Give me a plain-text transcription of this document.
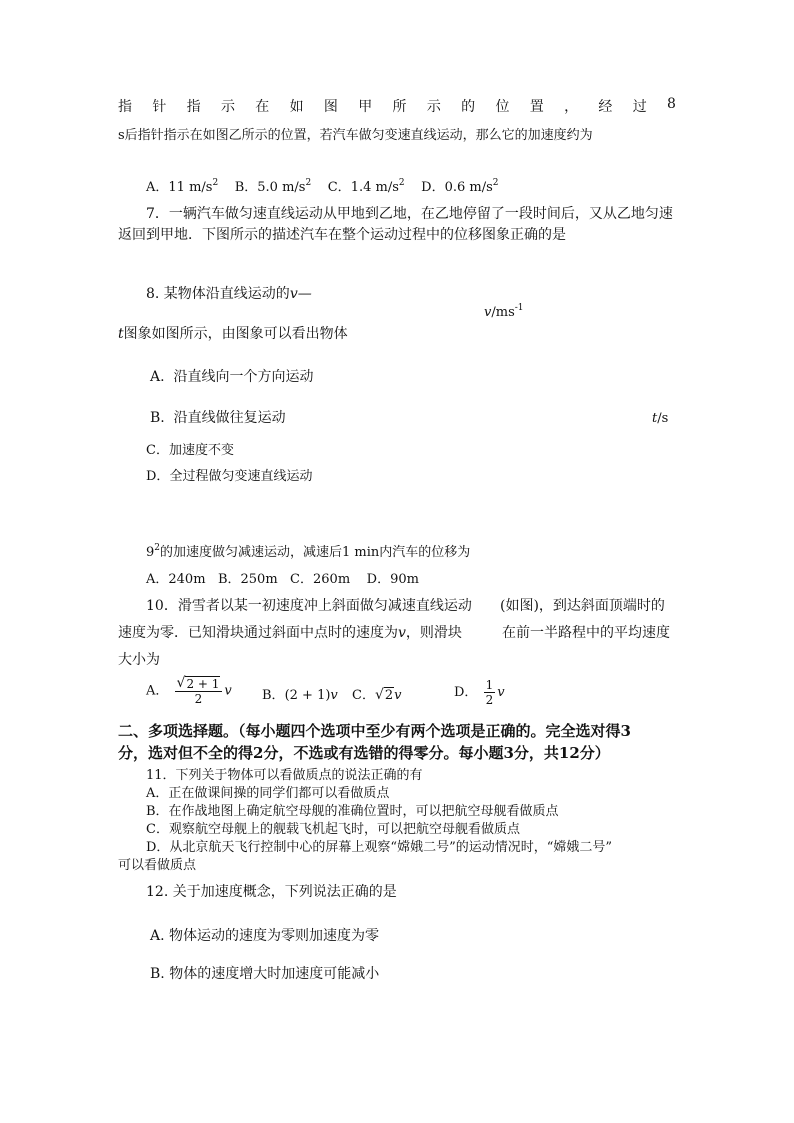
指 针 指 示 在 如 图 甲 所 示 的 位 置 ， 经 过 8
s后指针指示在如图乙所示的位置，若汽车做匀变速直线运动，那么它的加速度约为
A．11 $m/s^2$ B．5.0 $m/s^2$ C．1.4 $m/s^2$ D．0.6 $m/s^2$
7．一辆汽车做匀速直线运动从甲地到乙地，在乙地停留了一段时间后，又从乙地匀速
返回到甲地．下图所示的描述汽车在整个运动过程中的位移图象正确的是
8. 某物体沿直线运动的v—
$v/ms^{-1}$
t图象如图所示，由图象可以看出物体
A. 沿直线向一个方向运动
B. 沿直线做往复运动	t/s
C．加速度不变
D．全过程做匀变速直线运动
$9^2$的加速度做匀减速运动，减速后1 min内汽车的位移为
A．240m B．250m C．260m D．90m
10．滑雪者以某一初速度冲上斜面做匀减速直线运动 (如图)，到达斜面顶端时的
速度为零．已知滑块通过斜面中点时的速度为v，则滑块	在前一半路程中的平均速度
大小为
A． $\frac{√ 2 + 1}{2}$ v B．(2 + 1)v C． √ 2 v	D． $\frac{1}{2}$ v
二、多项选择题。（每小题四个选项中至少有两个选项是正确的。完全选对得3
分，选对但不全的得2分，不选或有选错的得零分。每小题3分，共12分）
11．下列关于物体可以看做质点的说法正确的有
A．正在做课间操的同学们都可以看做质点
B．在作战地图上确定航空母舰的准确位置时，可以把航空母舰看做质点
C．观察航空母舰上的舰载飞机起飞时，可以把航空母舰看做质点
D．从北京航天飞行控制中心的屏幕上观察“嫦娥二号”的运动情况时，“嫦娥二号”
可以看做质点
12. 关于加速度概念，下列说法正确的是
A. 物体运动的速度为零则加速度为零
B. 物体的速度增大时加速度可能减小
